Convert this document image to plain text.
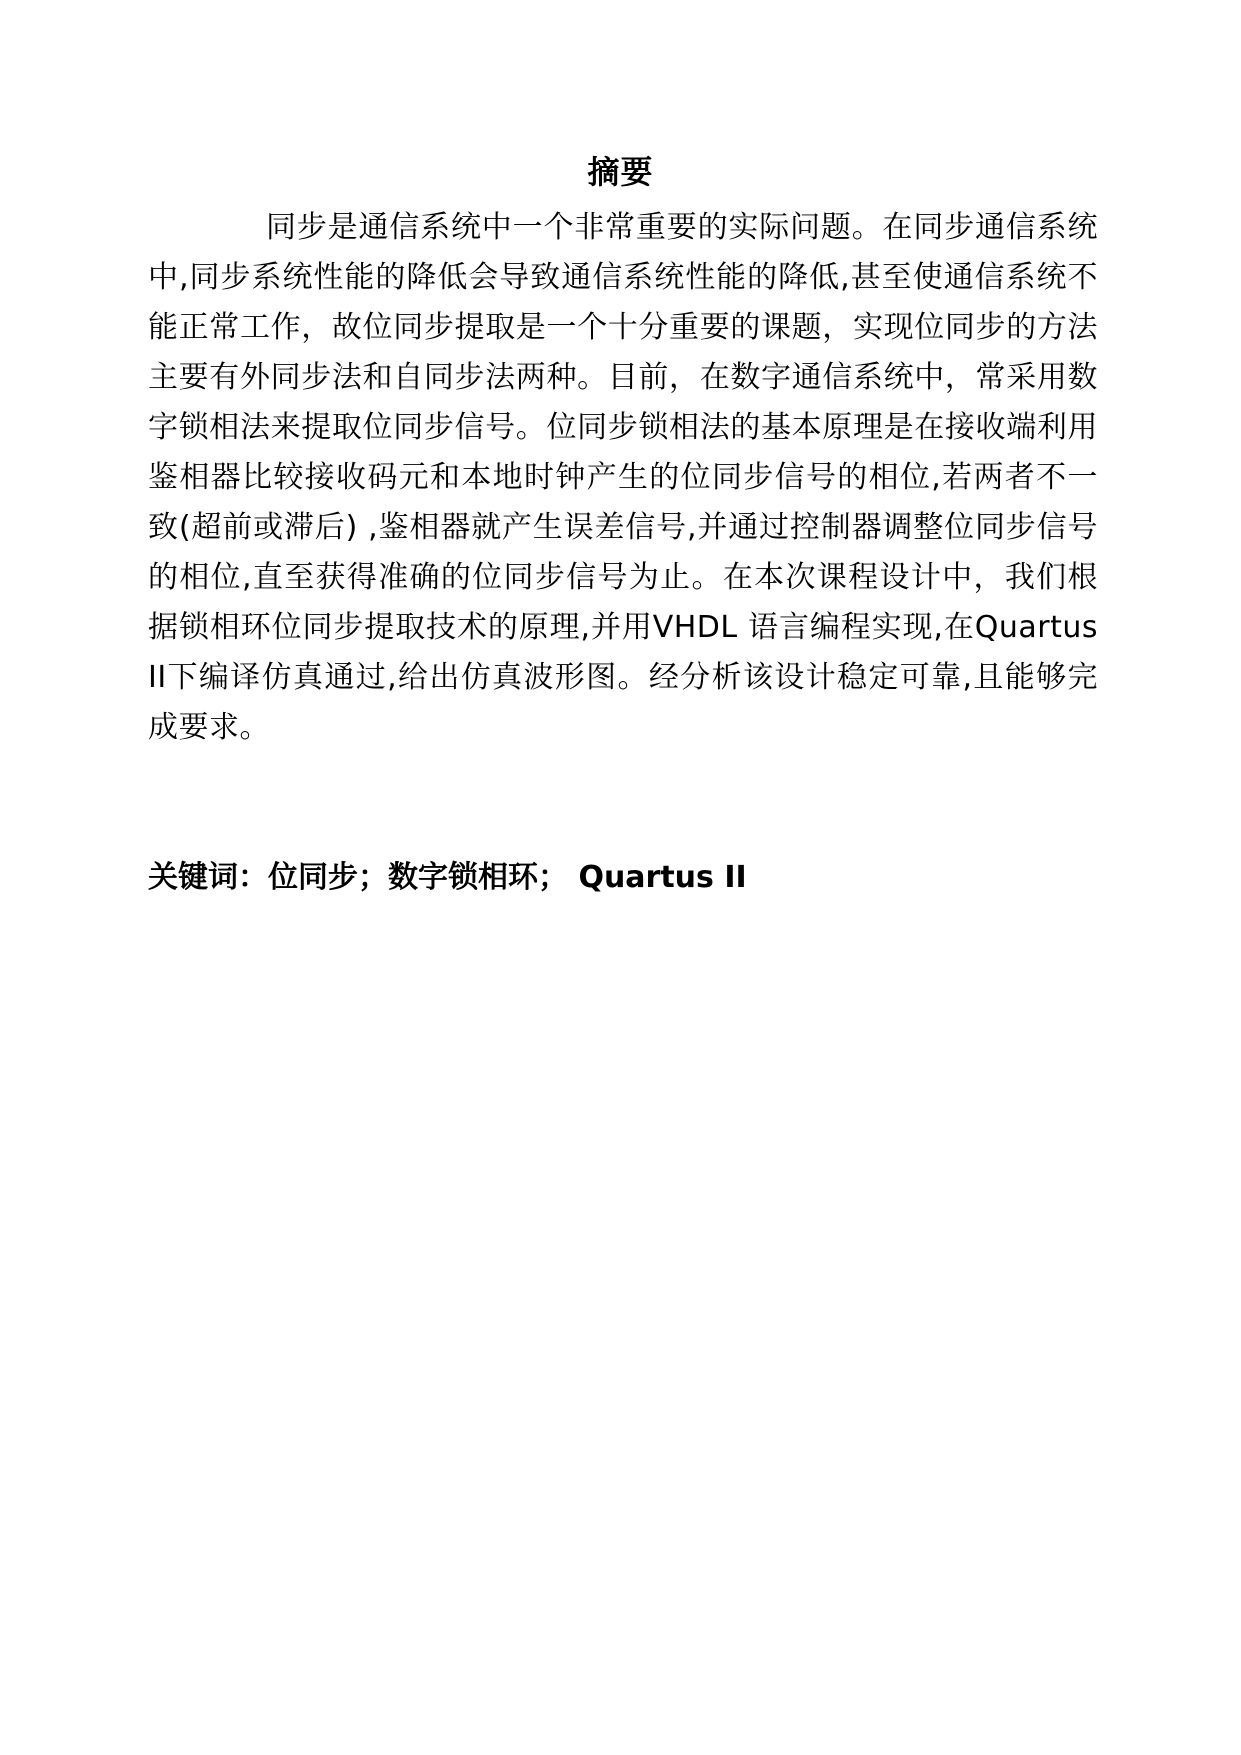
摘要

同步是通信系统中一个非常重要的实际问题。在同步通信系统中,同步系统性能的降低会导致通信系统性能的降低,甚至使通信系统不能正常工作，故位同步提取是一个十分重要的课题，实现位同步的方法主要有外同步法和自同步法两种。目前，在数字通信系统中，常采用数字锁相法来提取位同步信号。位同步锁相法的基本原理是在接收端利用鉴相器比较接收码元和本地时钟产生的位同步信号的相位,若两者不一致(超前或滞后) ,鉴相器就产生误差信号,并通过控制器调整位同步信号的相位,直至获得准确的位同步信号为止。在本次课程设计中，我们根据锁相环位同步提取技术的原理,并用VHDL 语言编程实现,在Quartus II下编译仿真通过,给出仿真波形图。经分析该设计稳定可靠,且能够完成要求。

关键词：位同步；数字锁相环； Quartus II
